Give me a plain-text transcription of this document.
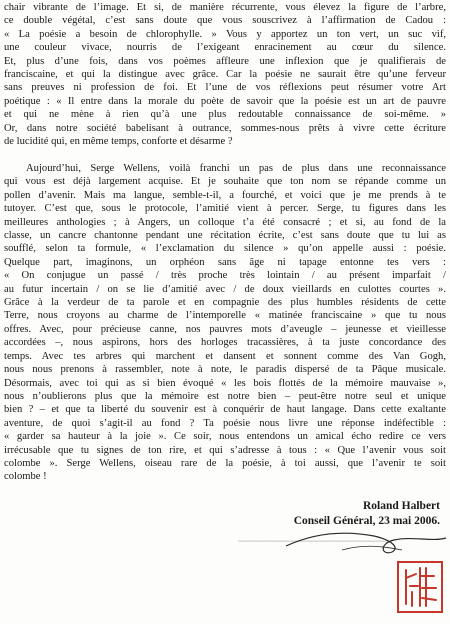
chair vibrante de l’image. Et si, de manière récurrente, vous élevez la figure de l’arbre,
ce double végétal, c’est sans doute que vous souscrivez à l’affirmation de Cadou :
« La poésie a besoin de chlorophylle. » Vous y apportez un ton vert, un suc vif,
une couleur vivace, nourris de l’exigeant enracinement au cœur du silence.
Et, plus d’une fois, dans vos poèmes affleure une inflexion que je qualifierais de
franciscaine, et qui la distingue avec grâce. Car la poésie ne saurait être qu’une ferveur
sans preuves ni profession de foi. Et l’une de vos réflexions peut résumer votre Art
poétique : « Il entre dans la morale du poète de savoir que la poésie est un art de pauvre
et qui ne mène à rien qu’à une plus redoutable connaissance de soi-même. »
Or, dans notre société babelisant à outrance, sommes-nous prêts à vivre cette écriture
de lucidité qui, en même temps, conforte et désarme ?
Aujourd’hui, Serge Wellens, voilà franchi un pas de plus dans une reconnaissance
qui vous est déjà largement acquise. Et je souhaite que ton nom se répande comme un
pollen d’avenir. Mais ma langue, semble-t-il, a fourché, et voici que je me prends à te
tutoyer. C’est que, sous le protocole, l’amitié vient à percer. Serge, tu figures dans les
meilleures anthologies ; à Angers, un colloque t’a été consacré ; et si, au fond de la
classe, un cancre chantonne pendant une récitation écrite, c’est sans doute que tu lui as
soufflé, selon ta formule, « l’exclamation du silence » qu’on appelle aussi : poésie.
Quelque part, imaginons, un orphéon sans âge ni tapage entonne tes vers :
« On conjugue un passé / très proche très lointain / au présent imparfait /
au futur incertain / on se lie d’amitié avec / de doux vieillards en culottes courtes ».
Grâce à la verdeur de ta parole et en compagnie des plus humbles résidents de cette
Terre, nous croyons au charme de l’intemporelle « matinée franciscaine » que tu nous
offres. Avec, pour précieuse canne, nos pauvres mots d’aveugle – jeunesse et vieillesse
accordées –, nous aspirons, hors des horloges tracassières, à ta juste concordance des
temps. Avec tes arbres qui marchent et dansent et sonnent comme des Van Gogh,
nous nous prenons à rassembler, note à note, le paradis dispersé de ta Pâque musicale.
Désormais, avec toi qui as si bien évoqué « les bois flottés de la mémoire mauvaise »,
nous n’oublierons plus que la mémoire est notre bien – peut-être notre seul et unique
bien ? – et que ta liberté du souvenir est à conquérir de haut langage. Dans cette exaltante
aventure, de quoi s’agit-il au fond ? Ta poésie nous livre une réponse indéfectible :
« garder sa hauteur à la joie ». Ce soir, nous entendons un amical écho redire ce vers
irrécusable que tu signes de ton rire, et qui s’adresse à tous : « Que l’avenir vous soit
colombe ». Serge Wellens, oiseau rare de la poésie, à toi aussi, que l’avenir te soit
colombe !
Roland Halbert
Conseil Général, 23 mai 2006.
━━━━━━━━━━━━━━━━━━━━━━━━━━━━━━
